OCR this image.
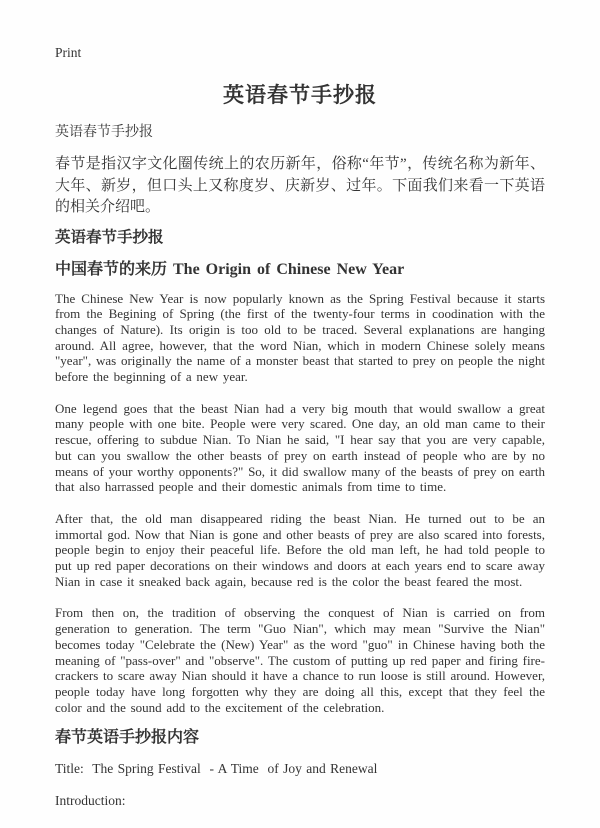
Print
英语春节手抄报
英语春节手抄报

春节是指汉字文化圈传统上的农历新年，俗称“年节”，传统名称为新年、大年、新岁，但口头上又称度岁、庆新岁、过年。下面我们来看一下英语的相关介绍吧。

英语春节手抄报
中国春节的来历 The Origin of Chinese New Year

The Chinese New Year is now popularly known as the Spring Festival because it starts from the Begining of Spring (the first of the twenty-four terms in coodination with the changes of Nature). Its origin is too old to be traced. Several explanations are hanging around. All agree, however, that the word Nian, which in modern Chinese solely means "year", was originally the name of a monster beast that started to prey on people the night before the beginning of a new year.

One legend goes that the beast Nian had a very big mouth that would swallow a great many people with one bite. People were very scared. One day, an old man came to their rescue, offering to subdue Nian. To Nian he said, "I hear say that you are very capable, but can you swallow the other beasts of prey on earth instead of people who are by no means of your worthy opponents?" So, it did swallow many of the beasts of prey on earth that also harrassed people and their domestic animals from time to time.

After that, the old man disappeared riding the beast Nian. He turned out to be an immortal god. Now that Nian is gone and other beasts of prey are also scared into forests, people begin to enjoy their peaceful life. Before the old man left, he had told people to put up red paper decorations on their windows and doors at each years end to scare away Nian in case it sneaked back again, because red is the color the beast feared the most.

From then on, the tradition of observing the conquest of Nian is carried on from generation to generation. The term "Guo Nian", which may mean "Survive the Nian" becomes today "Celebrate the (New) Year" as the word "guo" in Chinese having both the meaning of "pass-over" and "observe". The custom of putting up red paper and firing fire-crackers to scare away Nian should it have a chance to run loose is still around. However, people today have long forgotten why they are doing all this, except that they feel the color and the sound add to the excitement of the celebration.

春节英语手抄报内容

Title:  The Spring Festival  - A Time  of Joy and Renewal

Introduction:
